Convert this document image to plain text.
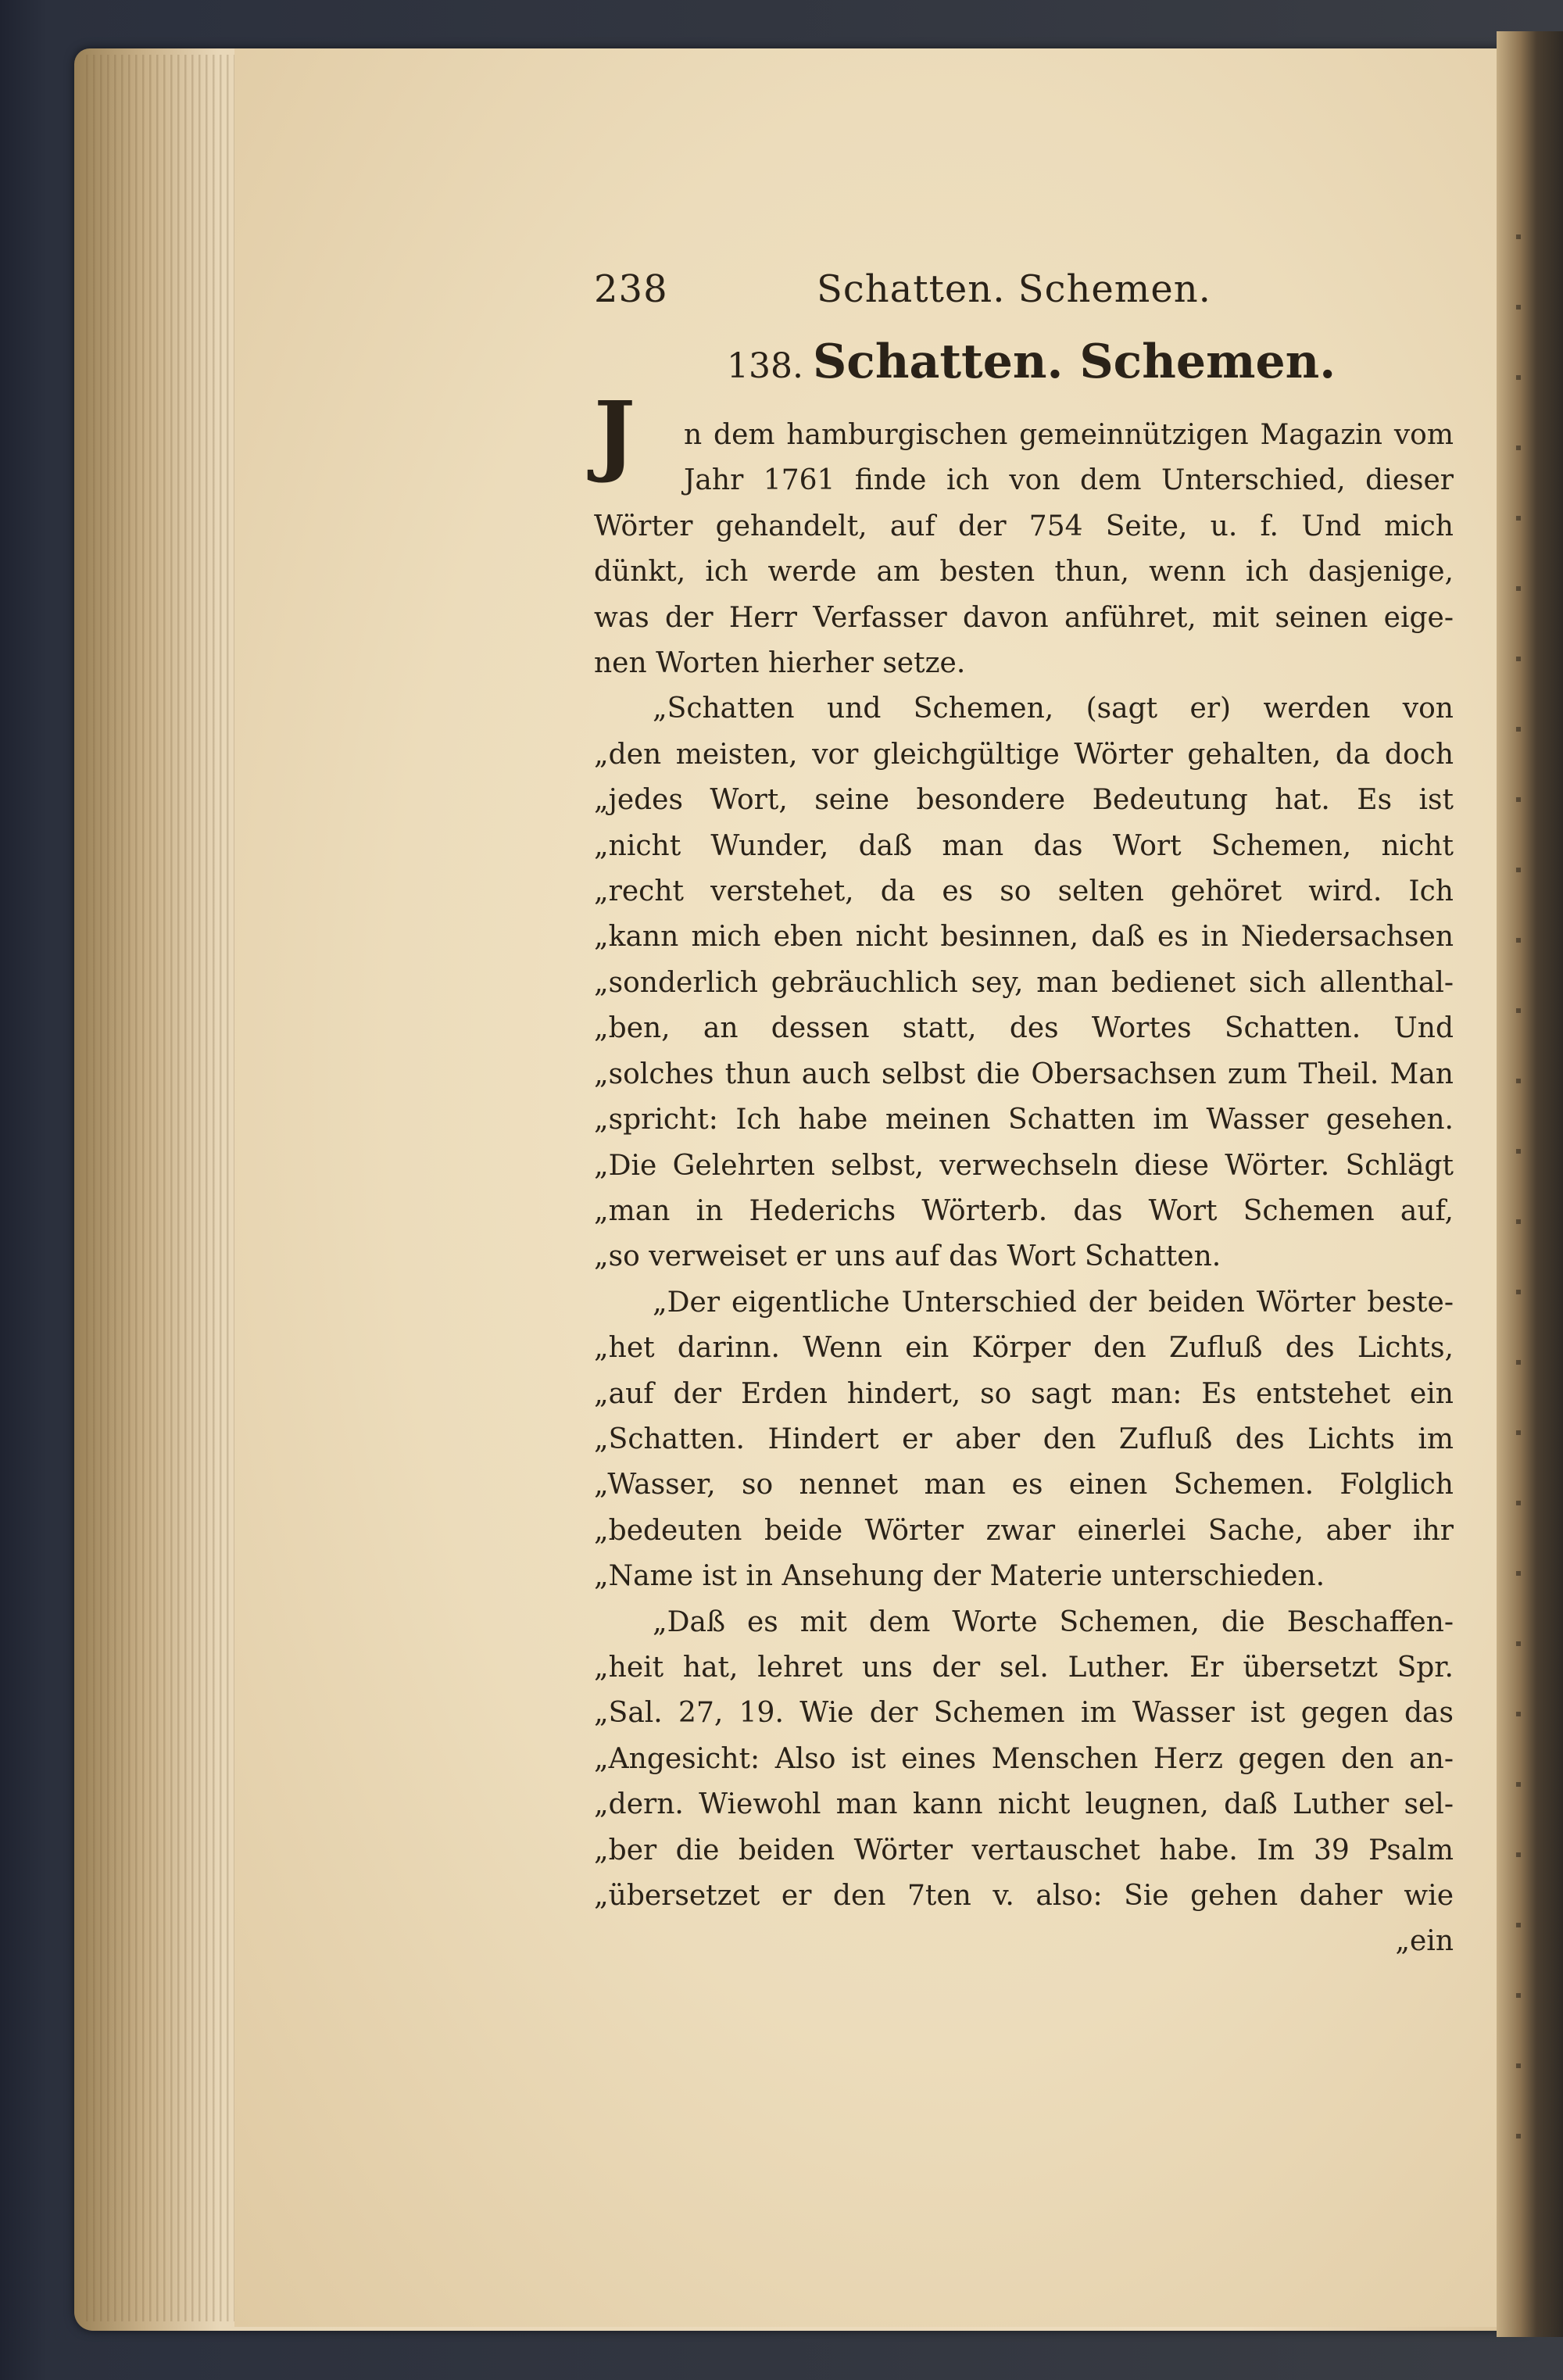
238	Schatten. Schemen.
138. Schatten. Schemen.
J	n dem hamburgischen gemeinnützigen Magazin vom
Jahr 1761 finde ich von dem Unterschied, dieser
Wörter gehandelt, auf der 754 Seite, u. f. Und mich
dünkt, ich werde am besten thun, wenn ich dasjenige,
was der Herr Verfasser davon anführet, mit seinen eige-
nen Worten hierher setze.
„Schatten und Schemen, (sagt er) werden von
„den meisten, vor gleichgültige Wörter gehalten, da doch
„jedes Wort, seine besondere Bedeutung hat. Es ist
„nicht Wunder, daß man das Wort Schemen, nicht
„recht verstehet, da es so selten gehöret wird. Ich
„kann mich eben nicht besinnen, daß es in Niedersachsen
„sonderlich gebräuchlich sey, man bedienet sich allenthal-
„ben, an dessen statt, des Wortes Schatten. Und
„solches thun auch selbst die Obersachsen zum Theil. Man
„spricht: Ich habe meinen Schatten im Wasser gesehen.
„Die Gelehrten selbst, verwechseln diese Wörter. Schlägt
„man in Hederichs Wörterb. das Wort Schemen auf,
„so verweiset er uns auf das Wort Schatten.
„Der eigentliche Unterschied der beiden Wörter beste-
„het darinn. Wenn ein Körper den Zufluß des Lichts,
„auf der Erden hindert, so sagt man: Es entstehet ein
„Schatten. Hindert er aber den Zufluß des Lichts im
„Wasser, so nennet man es einen Schemen. Folglich
„bedeuten beide Wörter zwar einerlei Sache, aber ihr
„Name ist in Ansehung der Materie unterschieden.
„Daß es mit dem Worte Schemen, die Beschaffen-
„heit hat, lehret uns der sel. Luther. Er übersetzt Spr.
„Sal. 27, 19. Wie der Schemen im Wasser ist gegen das
„Angesicht: Also ist eines Menschen Herz gegen den an-
„dern. Wiewohl man kann nicht leugnen, daß Luther sel-
„ber die beiden Wörter vertauschet habe. Im 39 Psalm
„übersetzet er den 7ten v. also: Sie gehen daher wie
„ein
